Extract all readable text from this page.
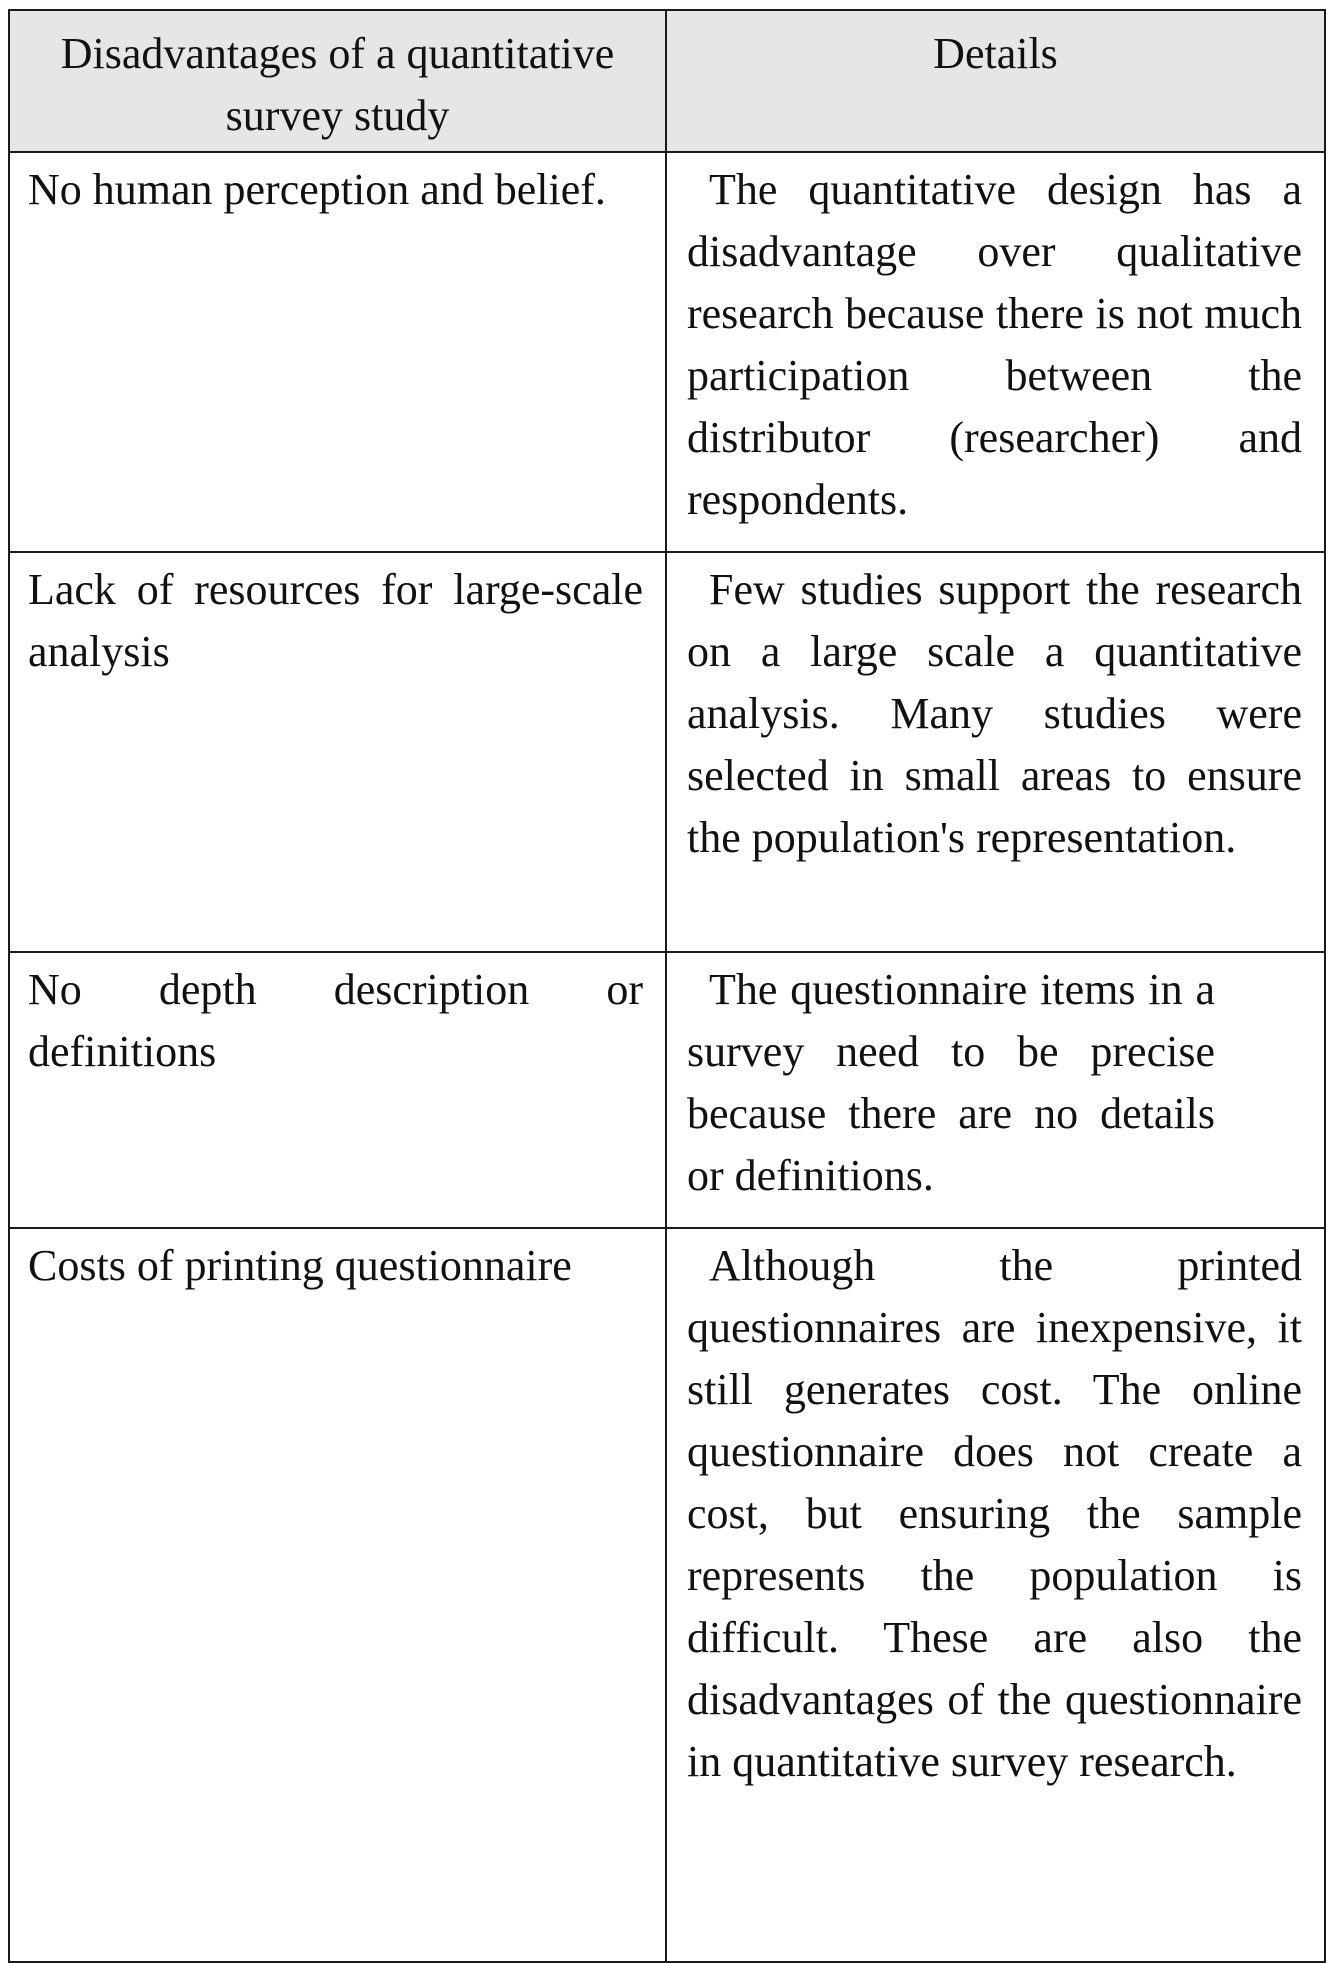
Disadvantages of a quantitative survey study	Details
No human perception and belief.	The quantitative design has a disadvantage over qualitative research because there is not much participation between the distributor (researcher) and respondents.
Lack of resources for large-scale analysis	Few studies support the research on a large scale a quantitative analysis. Many studies were selected in small areas to ensure the population's representation.
No depth description or definitions	The questionnaire items in a survey need to be precise because there are no details or definitions.

Costs of printing questionnaire	Although the printed questionnaires are inexpensive, it still generates cost. The online questionnaire does not create a cost, but ensuring the sample represents the population is difficult. These are also the disadvantages of the questionnaire in quantitative survey research.
